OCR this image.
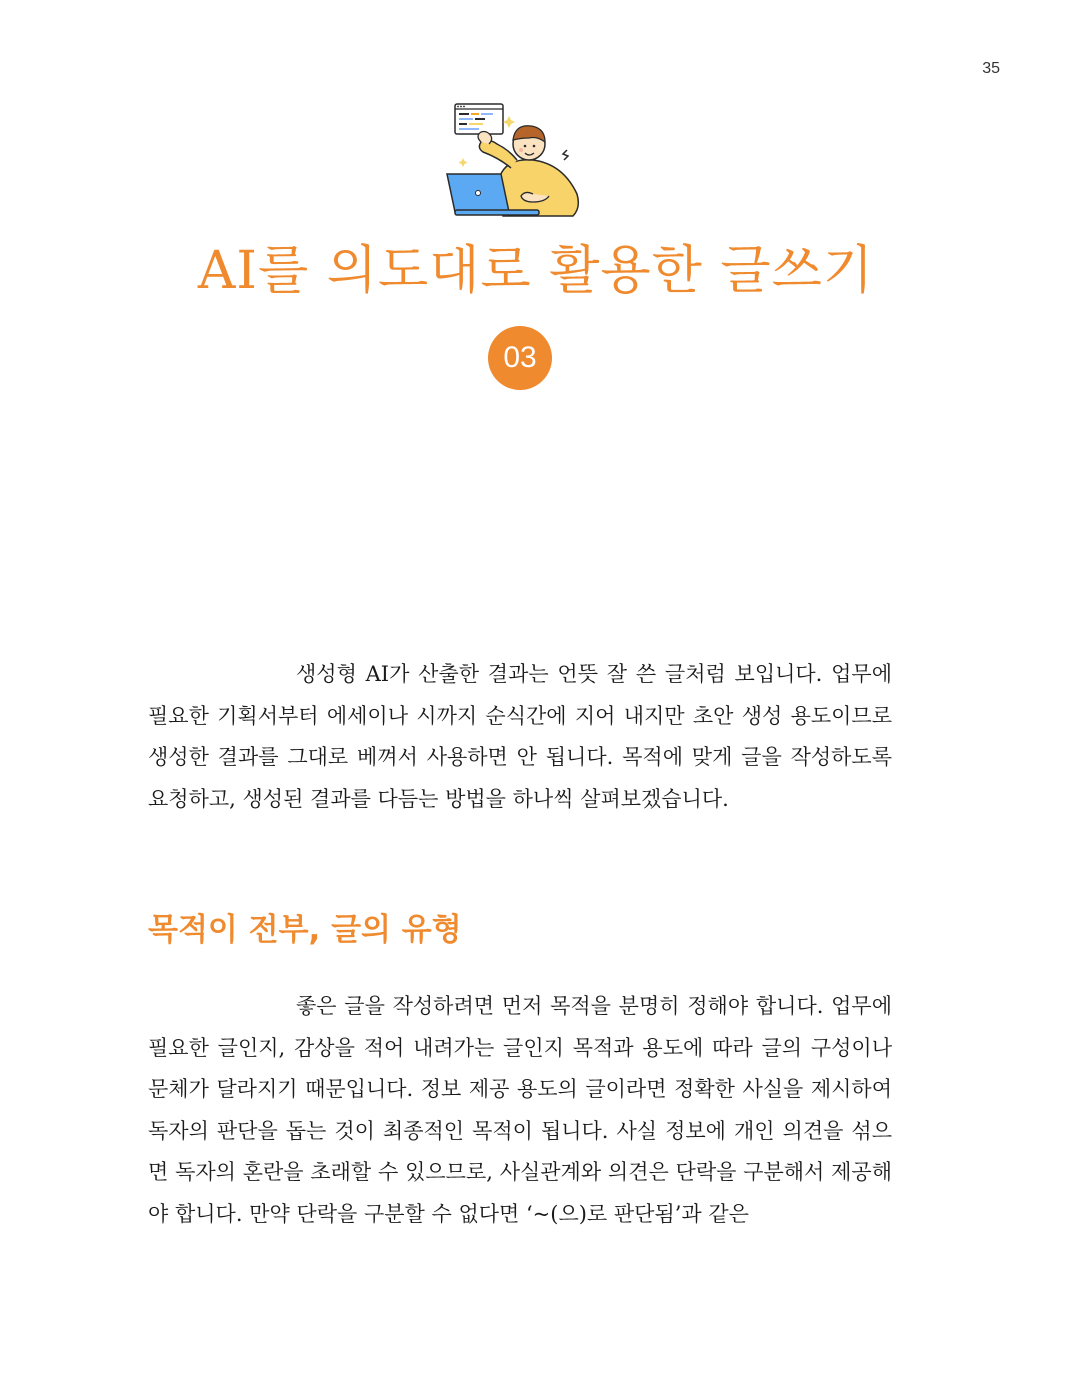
35
AI를 의도대로 활용한 글쓰기
03

생성형 AI가 산출한 결과는 언뜻 잘 쓴 글처럼 보입니다. 업무에 필요한 기획서부터 에세이나 시까지 순식간에 지어 내지만 초안 생성 용도이므로 생성한 결과를 그대로 베껴서 사용하면 안 됩니다. 목적에 맞게 글을 작성하도록 요청하고, 생성된 결과를 다듬는 방법을 하나씩 살펴보겠습니다.

목적이 전부, 글의 유형

좋은 글을 작성하려면 먼저 목적을 분명히 정해야 합니다. 업무에 필요한 글인지, 감상을 적어 내려가는 글인지 목적과 용도에 따라 글의 구성이나 문체가 달라지기 때문입니다. 정보 제공 용도의 글이라면 정확한 사실을 제시하여 독자의 판단을 돕는 것이 최종적인 목적이 됩니다. 사실 정보에 개인 의견을 섞으면 독자의 혼란을 초래할 수 있으므로, 사실관계와 의견은 단락을 구분해서 제공해야 합니다. 만약 단락을 구분할 수 없다면 ‘~(으)로 판단됨’과 같은
